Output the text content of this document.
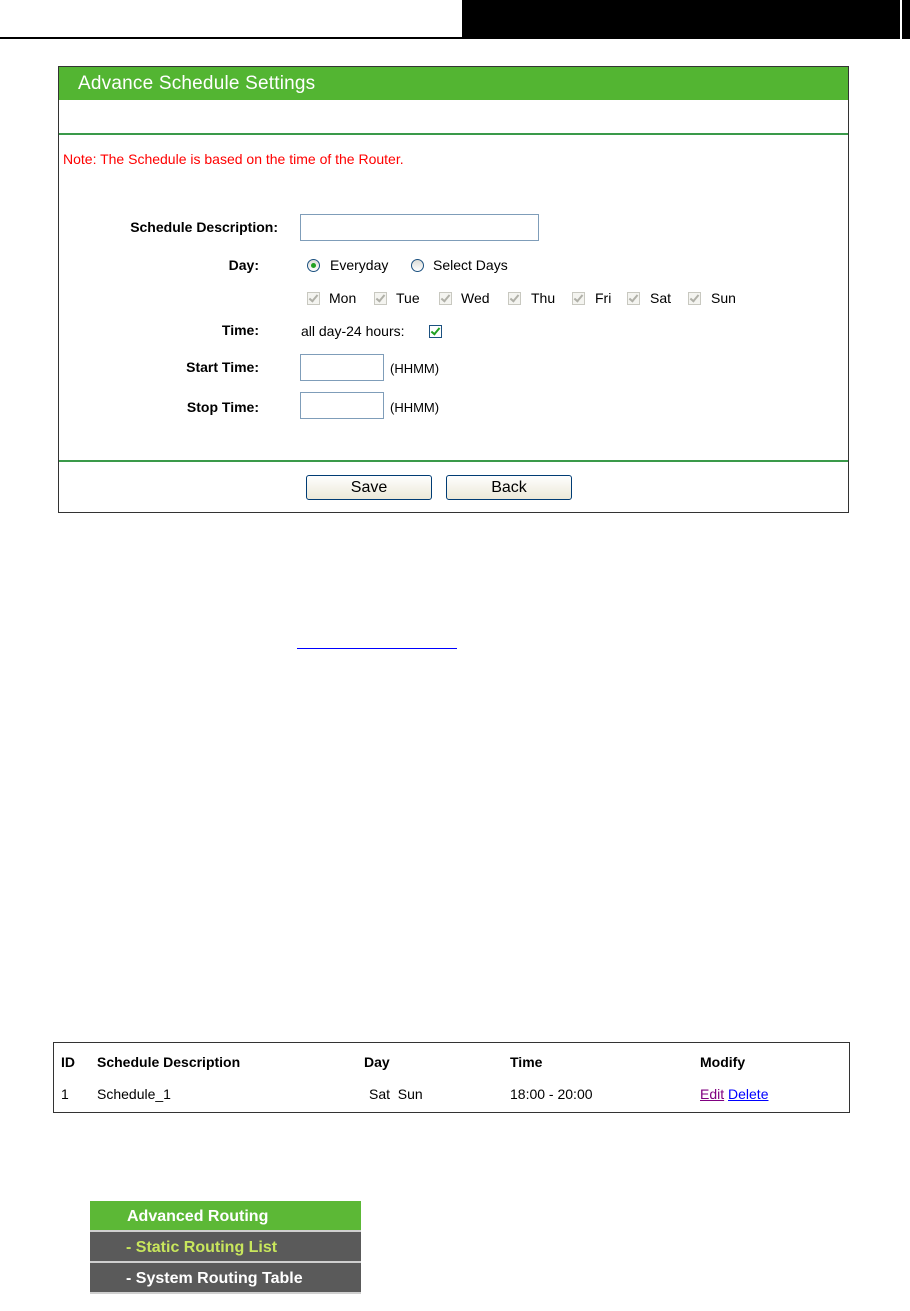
Advance Schedule Settings
Note: The Schedule is based on the time of the Router.
Schedule Description:
Day:	Everyday	Select Days
Mon	Tue	Wed	Thu	Fri	Sat	Sun
Time:	all day-24 hours:
Start Time:	(HHMM)
Stop Time:	(HHMM)
Save	Back
ID Schedule Description	Day	Time	Modify
1 Schedule_1	Sat  Sun	18:00 - 20:00	Edit Delete
Advanced Routing
- Static Routing List
- System Routing Table
